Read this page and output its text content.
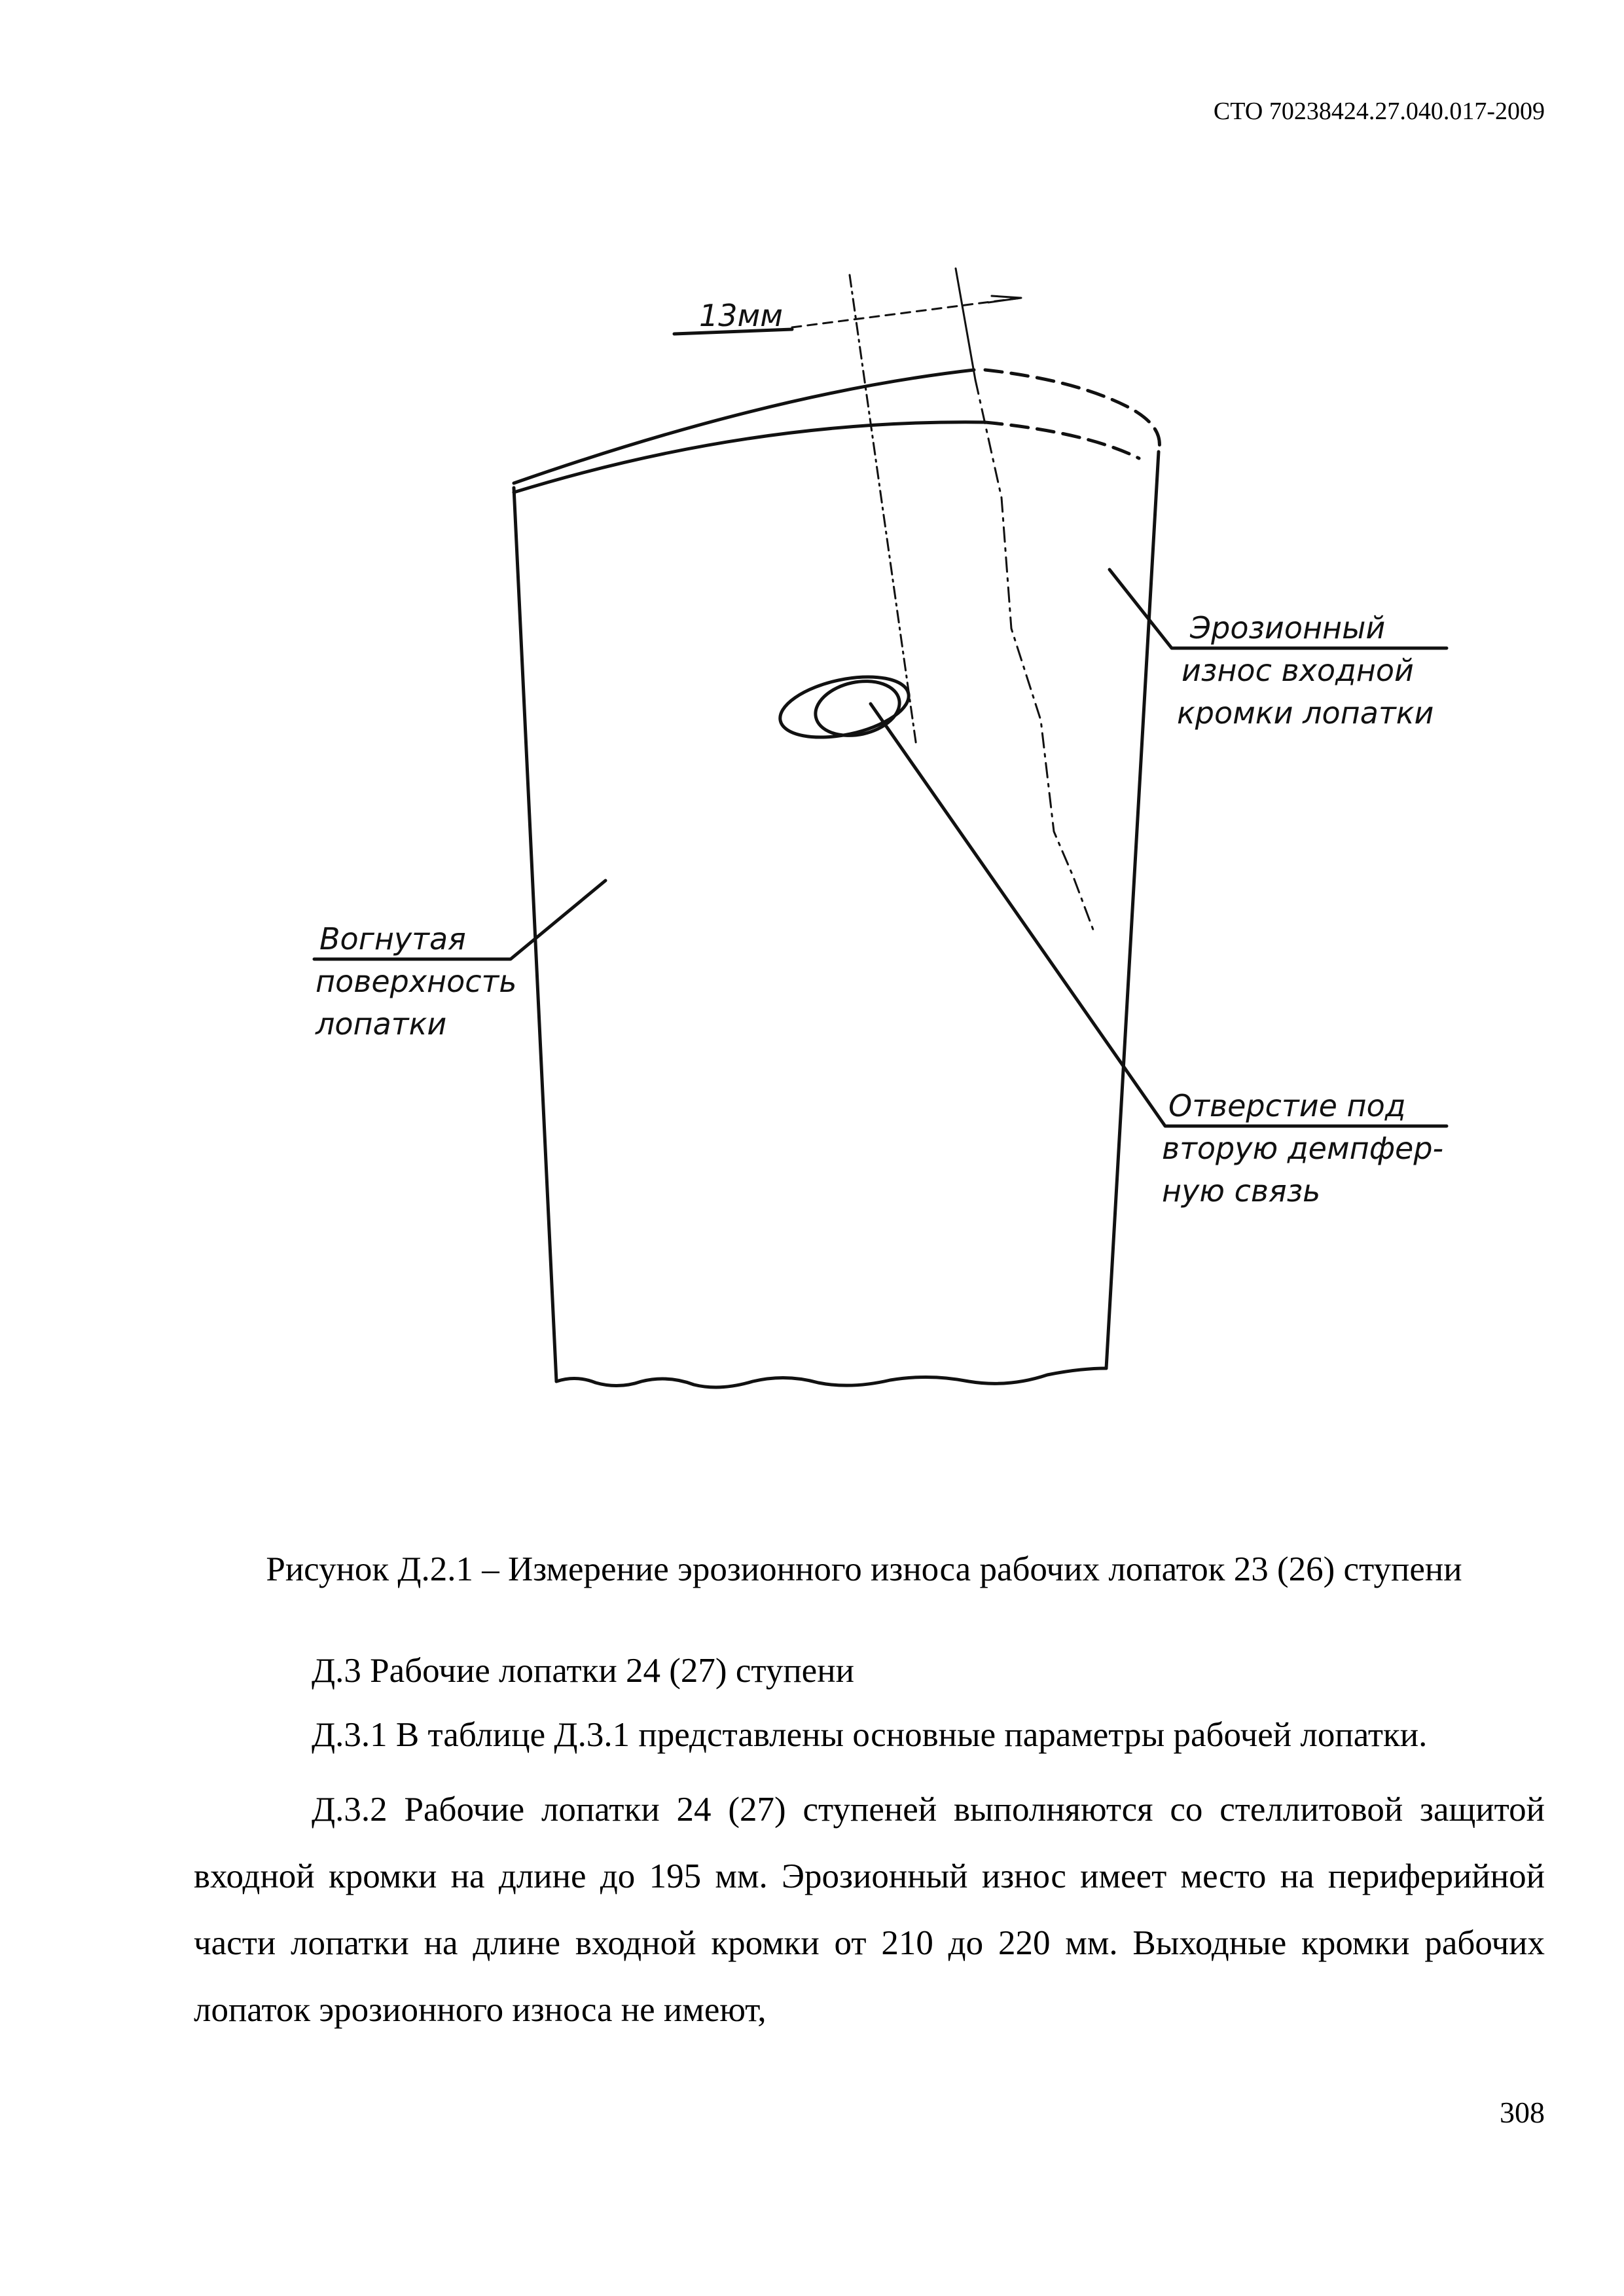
СТО 70238424.27.040.017-2009
13мм
Эрозионный
износ входной
кромки лопатки
Вогнутая
поверхность
лопатки
Отверстие под
вторую демпфер-
ную связь
Рисунок Д.2.1 – Измерение эрозионного износа рабочих лопаток 23 (26) ступени
Д.3 Рабочие лопатки 24 (27) ступени
Д.3.1 В таблице Д.3.1 представлены основные параметры рабочей лопатки.
Д.3.2 Рабочие лопатки 24 (27) ступеней выполняются со стеллитовой защитой входной кромки на длине до 195 мм. Эрозионный износ имеет место на периферийной части лопатки на длине входной кромки от 210 до 220 мм. Выходные кромки рабочих лопаток эрозионного износа не имеют,
308
